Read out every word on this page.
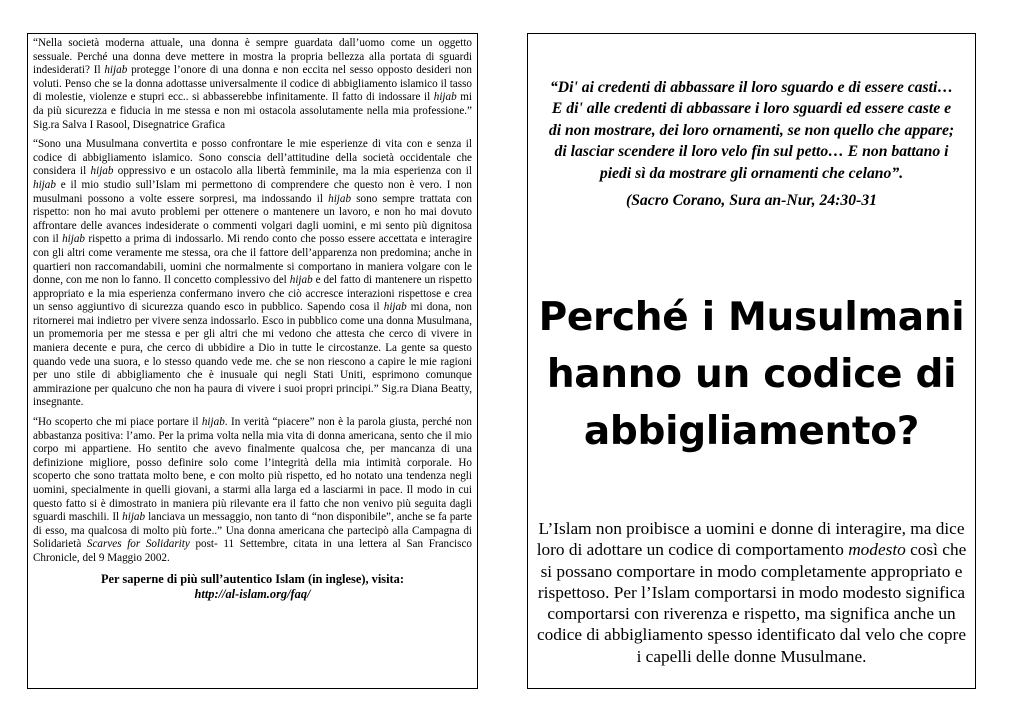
“Nella società moderna attuale, una donna è sempre guardata dall’uomo come un oggetto sessuale. Perché una donna deve mettere in mostra la propria bellezza alla portata di sguardi indesiderati? Il hijab protegge l’onore di una donna e non eccita nel sesso opposto desideri non voluti. Penso che se la donna adottasse universalmente il codice di abbigliamento islamico il tasso di molestie, violenze e stupri ecc.. si abbasserebbe infinitamente. Il fatto di indossare il hijab mi da più sicurezza e fiducia in me stessa e non mi ostacola assolutamente nella mia professione.” Sig.ra Salva I Rasool, Disegnatrice Grafica

“Sono una Musulmana convertita e posso confrontare le mie esperienze di vita con e senza il codice di abbigliamento islamico. Sono conscia dell’attitudine della società occidentale che considera il hijab oppressivo e un ostacolo alla libertà femminile, ma la mia esperienza con il hijab e il mio studio sull’Islam mi permettono di comprendere che questo non è vero. I non musulmani possono a volte essere sorpresi, ma indossando il hijab sono sempre trattata con rispetto: non ho mai avuto problemi per ottenere o mantenere un lavoro, e non ho mai dovuto affrontare delle avances indesiderate o commenti volgari dagli uomini, e mi sento più dignitosa con il hijab rispetto a prima di indossarlo. Mi rendo conto che posso essere accettata e interagire con gli altri come veramente me stessa, ora che il fattore dell’apparenza non predomina; anche in quartieri non raccomandabili, uomini che normalmente si comportano in maniera volgare con le donne, con me non lo fanno. Il concetto complessivo del hijab e del fatto di mantenere un rispetto appropriato e la mia esperienza confermano invero che ciò accresce interazioni rispettose e crea un senso aggiuntivo di sicurezza quando esco in pubblico. Sapendo cosa il hijab mi dona, non ritornerei mai indietro per vivere senza indossarlo. Esco in pubblico come una donna Musulmana, un promemoria per me stessa e per gli altri che mi vedono che attesta che cerco di vivere in maniera decente e pura, che cerco di ubbidire a Dio in tutte le circostanze. La gente sa questo quando vede una suora, e lo stesso quando vede me. che se non riescono a capire le mie ragioni per uno stile di abbigliamento che è inusuale qui negli Stati Uniti, esprimono comunque ammirazione per qualcuno che non ha paura di vivere i suoi propri principi.” Sig.ra Diana Beatty, insegnante.

“Ho scoperto che mi piace portare il hijab. In verità “piacere” non è la parola giusta, perché non abbastanza positiva: l’amo. Per la prima volta nella mia vita di donna americana, sento che il mio corpo mi appartiene. Ho sentito che avevo finalmente qualcosa che, per mancanza di una definizione migliore, posso definire solo come l’integrità della mia intimità corporale. Ho scoperto che sono trattata molto bene, e con molto più rispetto, ed ho notato una tendenza negli uomini, specialmente in quelli giovani, a starmi alla larga ed a lasciarmi in pace. Il modo in cui questo fatto si è dimostrato in maniera più rilevante era il fatto che non venivo più seguita dagli sguardi maschili. Il hijab lanciava un messaggio, non tanto di “non disponibile”, anche se fa parte di esso, ma qualcosa di molto più forte..” Una donna americana che partecipò alla Campagna di Solidarietà Scarves for Solidarity post- 11 Settembre, citata in una lettera al San Francisco Chronicle, del 9 Maggio 2002.

Per saperne di più sull’autentico Islam (in inglese), visita:
http://al-islam.org/faq/
“Di' ai credenti di abbassare il loro sguardo e di essere casti… E di' alle credenti di abbassare i loro sguardi ed essere caste e di non mostrare, dei loro ornamenti, se non quello che appare; di lasciar scendere il loro velo fin sul petto… E non battano i piedi sì da mostrare gli ornamenti che celano”.
(Sacro Corano, Sura an-Nur, 24:30-31
Perché i Musulmani hanno un codice di abbigliamento?
L’Islam non proibisce a uomini e donne di interagire, ma dice loro di adottare un codice di comportamento modesto così che si possano comportare in modo completamente appropriato e rispettoso. Per l’Islam comportarsi in modo modesto significa comportarsi con riverenza e rispetto, ma significa anche un codice di abbigliamento spesso identificato dal velo che copre i capelli delle donne Musulmane.
